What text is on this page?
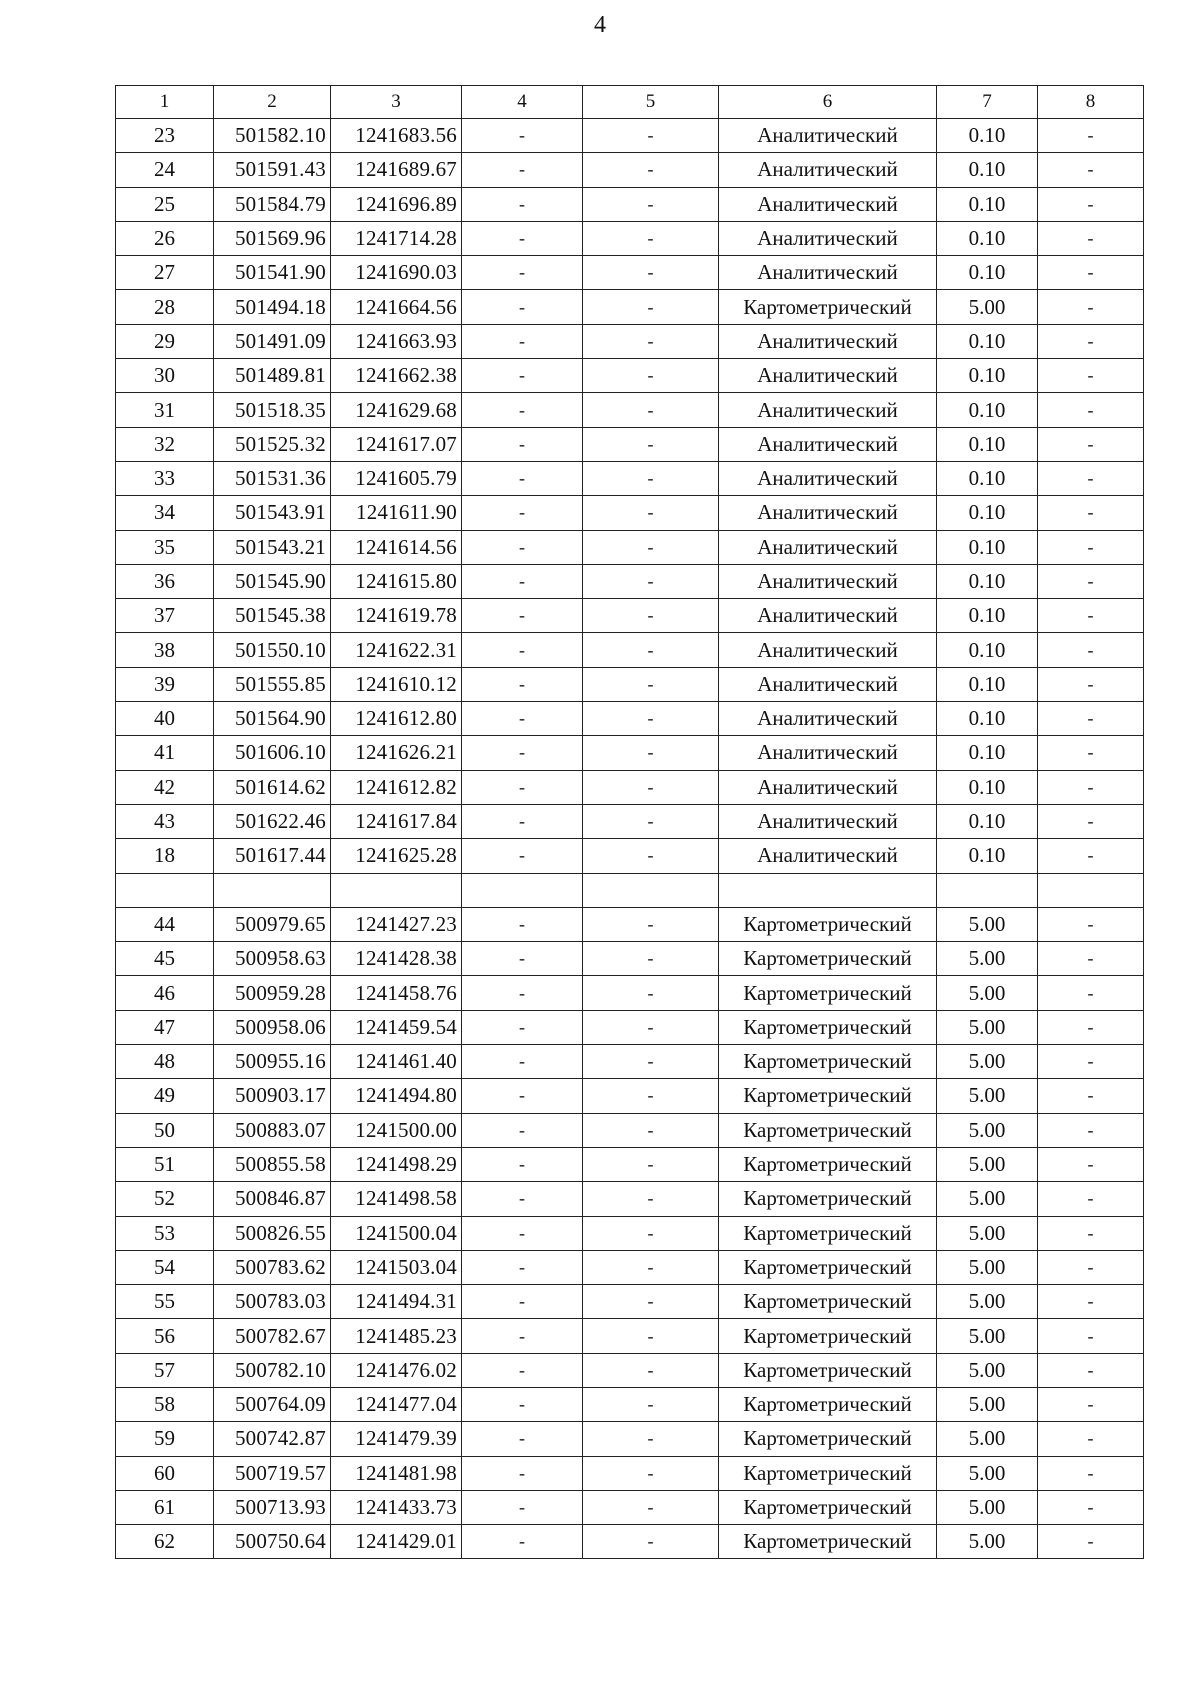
4
1	2	3	4	5	6	7	8
23	501582.10	1241683.56	-	-	Аналитический	0.10	-
24	501591.43	1241689.67	-	-	Аналитический	0.10	-
25	501584.79	1241696.89	-	-	Аналитический	0.10	-
26	501569.96	1241714.28	-	-	Аналитический	0.10	-
27	501541.90	1241690.03	-	-	Аналитический	0.10	-
28	501494.18	1241664.56	-	-	Картометрический	5.00	-
29	501491.09	1241663.93	-	-	Аналитический	0.10	-
30	501489.81	1241662.38	-	-	Аналитический	0.10	-
31	501518.35	1241629.68	-	-	Аналитический	0.10	-
32	501525.32	1241617.07	-	-	Аналитический	0.10	-
33	501531.36	1241605.79	-	-	Аналитический	0.10	-
34	501543.91	1241611.90	-	-	Аналитический	0.10	-
35	501543.21	1241614.56	-	-	Аналитический	0.10	-
36	501545.90	1241615.80	-	-	Аналитический	0.10	-
37	501545.38	1241619.78	-	-	Аналитический	0.10	-
38	501550.10	1241622.31	-	-	Аналитический	0.10	-
39	501555.85	1241610.12	-	-	Аналитический	0.10	-
40	501564.90	1241612.80	-	-	Аналитический	0.10	-
41	501606.10	1241626.21	-	-	Аналитический	0.10	-
42	501614.62	1241612.82	-	-	Аналитический	0.10	-
43	501622.46	1241617.84	-	-	Аналитический	0.10	-
18	501617.44	1241625.28	-	-	Аналитический	0.10	-

44	500979.65	1241427.23	-	-	Картометрический	5.00	-
45	500958.63	1241428.38	-	-	Картометрический	5.00	-
46	500959.28	1241458.76	-	-	Картометрический	5.00	-
47	500958.06	1241459.54	-	-	Картометрический	5.00	-
48	500955.16	1241461.40	-	-	Картометрический	5.00	-
49	500903.17	1241494.80	-	-	Картометрический	5.00	-
50	500883.07	1241500.00	-	-	Картометрический	5.00	-
51	500855.58	1241498.29	-	-	Картометрический	5.00	-
52	500846.87	1241498.58	-	-	Картометрический	5.00	-
53	500826.55	1241500.04	-	-	Картометрический	5.00	-
54	500783.62	1241503.04	-	-	Картометрический	5.00	-
55	500783.03	1241494.31	-	-	Картометрический	5.00	-
56	500782.67	1241485.23	-	-	Картометрический	5.00	-
57	500782.10	1241476.02	-	-	Картометрический	5.00	-
58	500764.09	1241477.04	-	-	Картометрический	5.00	-
59	500742.87	1241479.39	-	-	Картометрический	5.00	-
60	500719.57	1241481.98	-	-	Картометрический	5.00	-
61	500713.93	1241433.73	-	-	Картометрический	5.00	-
62	500750.64	1241429.01	-	-	Картометрический	5.00	-
